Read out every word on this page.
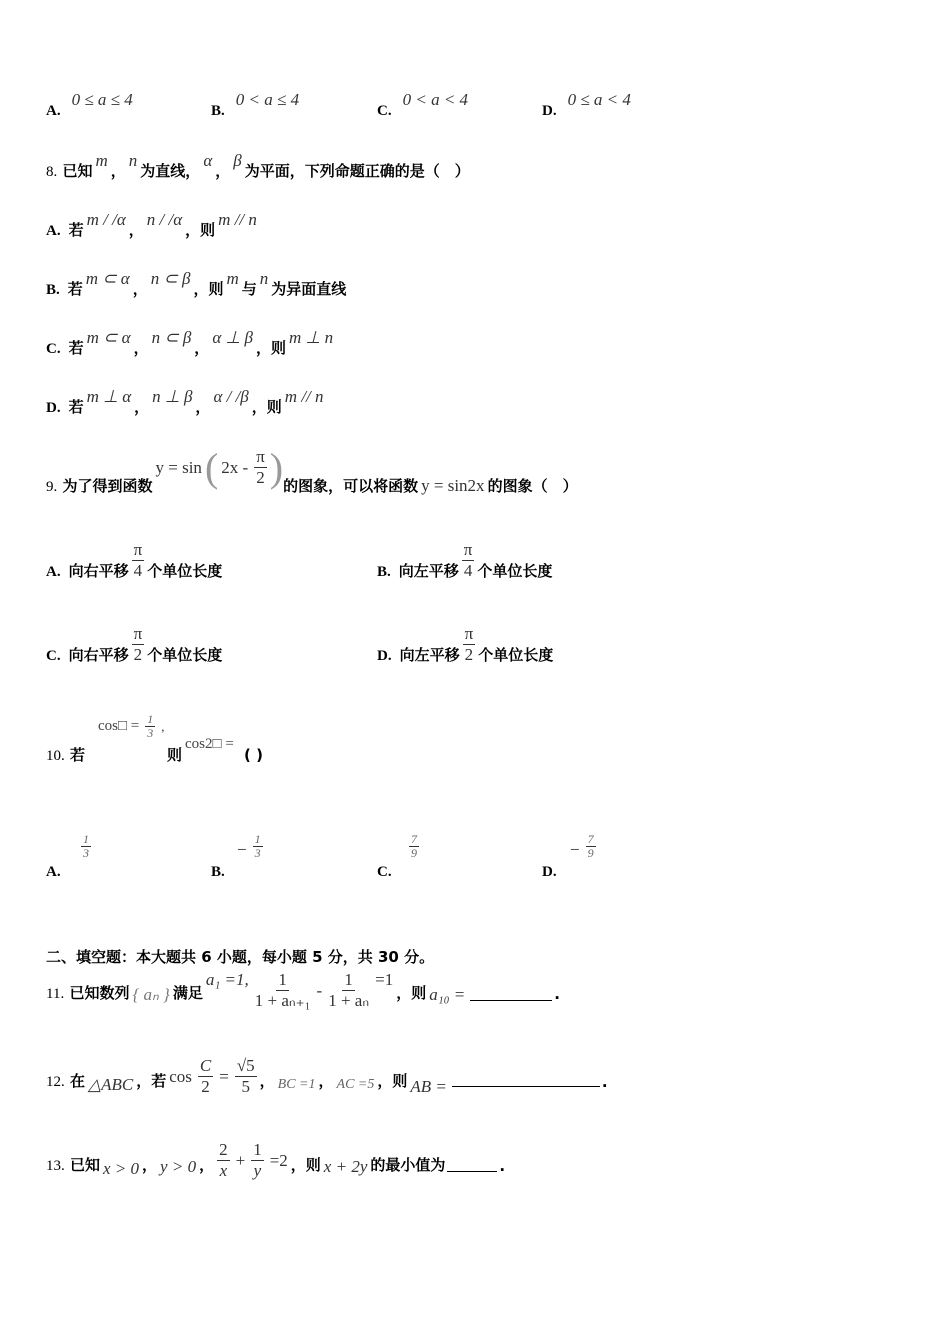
A.
0 ≤ a ≤ 4
B.
0 < a ≤ 4
C.
0 < a < 4
D.
0 ≤ a < 4
8.
已知
m
，
n
为直线，
α
，
β
为平面，下列命题正确的是（　）
A. 若
m / /α
，
n / /α
，则
m // n
B. 若
m ⊂ α
，
n ⊂ β
，则
m
与
n
为异面直线
C. 若
m ⊂ α
，
n ⊂ β
，
α ⊥ β
，则
m ⊥ n
D. 若
m ⊥ α
，
n ⊥ β
，
α / /β
，则
m // n
9.
为了得到函数
y = sin ( $2x - \frac{\pi}{2}$ ) 的图象，可以将函数 y = sin2x 的图象（　）
A. 向右平移 $\frac{\pi}{4}$ 个单位长度	B. 向左平移 $\frac{\pi}{4}$ 个单位长度
C. 向右平移 $\frac{\pi}{2}$ 个单位长度	D. 向左平移 $\frac{\pi}{2}$ 个单位长度
10.
若
cos□ = $\frac{1}{3}$ ,
则
cos2□ =
( )
A.
$\frac{1}{3}$
B.
− $\frac{1}{3}$
C.
$\frac{7}{9}$
D.
− $\frac{7}{9}$
二、填空题：本大题共 6 小题，每小题 5 分，共 30 分。
11.
已知数列 { aₙ } 满足
a₁ =1, $\frac{1}{\text{1 + aₙ₊₁}} - \frac{1}{\text{1 + aₙ}} =1$
，则 a₁₀ =	.
12.
在 △ABC ，若 $\cos \frac{C}{2} = \frac{√5}{5}$ ， BC =1 ， AC =5 ，则 AB =	.
13.
已知 x > 0 ， y > 0 ， $\frac{2}{x} + \frac{1}{y} =2$ ，则 x + 2y 的最小值为	.
